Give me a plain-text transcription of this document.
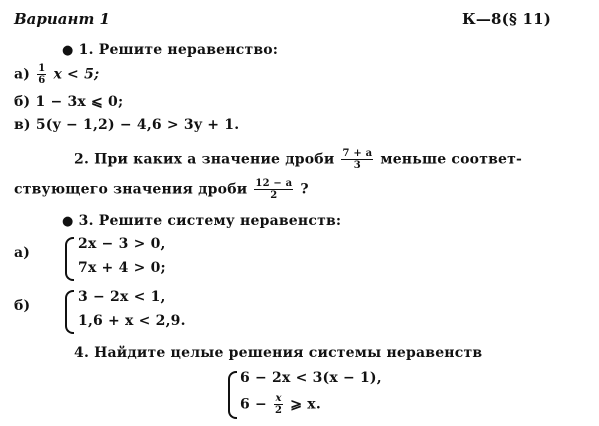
Вариант 1	К—8(§ 11)
● 1. Решите неравенство:
$а) \frac{1}{6}$ x < 5;
б) 1 − 3x ⩽ 0;
в) 5(y − 1,2) − 4,6 > 3y + 1.
2. При каких a значение дроби $\frac{7 + a}{3}$ меньше соответ-
ствующего значения дроби $\frac{12 - a}{2}$ ?
● 3. Решите систему неравенств:
а)
2x − 3 > 0,
7x + 4 > 0;
б)
3 − 2x < 1,
1,6 + x < 2,9.
4. Найдите целые решения системы неравенств
6 − 2x < 3(x − 1),
$6 - \frac{x}{2}$ ⩾ x.
